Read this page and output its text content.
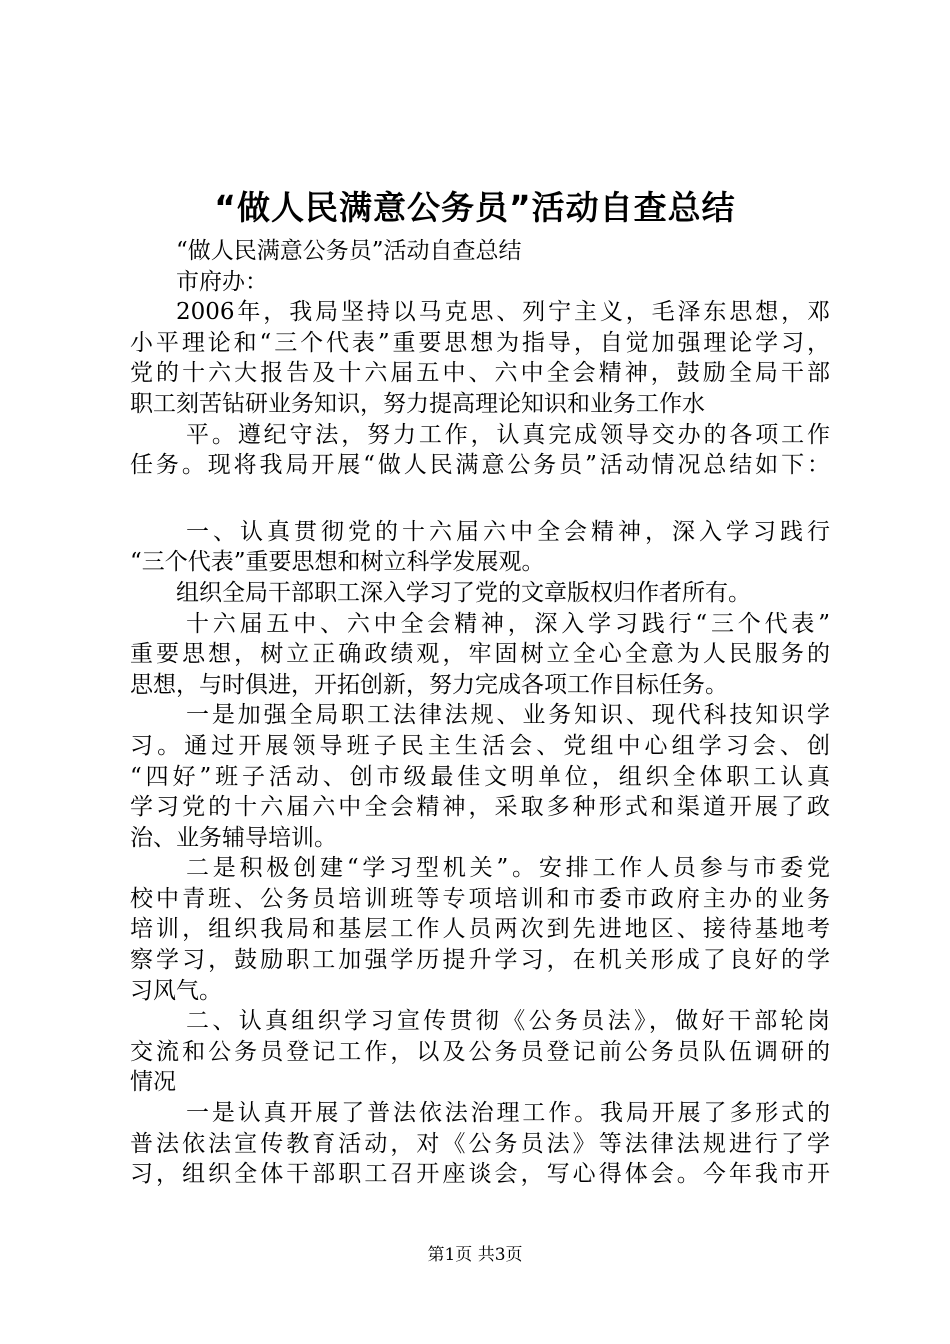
“做人民满意公务员”活动自查总结
“做人民满意公务员”活动自查总结
市府办：
2006年，我局坚持以马克思、列宁主义，毛泽东思想，邓
小平理论和“三个代表”重要思想为指导，自觉加强理论学习，
党的十六大报告及十六届五中、六中全会精神，鼓励全局干部
职工刻苦钻研业务知识，努力提高理论知识和业务工作水
平。遵纪守法，努力工作，认真完成领导交办的各项工作
任务。现将我局开展“做人民满意公务员”活动情况总结如下：
一、认真贯彻党的十六届六中全会精神，深入学习践行
“三个代表”重要思想和树立科学发展观。
组织全局干部职工深入学习了党的文章版权归作者所有。
十六届五中、六中全会精神，深入学习践行“三个代表”
重要思想，树立正确政绩观，牢固树立全心全意为人民服务的
思想，与时俱进，开拓创新，努力完成各项工作目标任务。
一是加强全局职工法律法规、业务知识、现代科技知识学
习。通过开展领导班子民主生活会、党组中心组学习会、创
“四好”班子活动、创市级最佳文明单位，组织全体职工认真
学习党的十六届六中全会精神，采取多种形式和渠道开展了政
治、业务辅导培训。
二是积极创建“学习型机关”。安排工作人员参与市委党
校中青班、公务员培训班等专项培训和市委市政府主办的业务
培训，组织我局和基层工作人员两次到先进地区、接待基地考
察学习，鼓励职工加强学历提升学习，在机关形成了良好的学
习风气。
二、认真组织学习宣传贯彻《公务员法》，做好干部轮岗
交流和公务员登记工作，以及公务员登记前公务员队伍调研的
情况
一是认真开展了普法依法治理工作。我局开展了多形式的
普法依法宣传教育活动，对《公务员法》等法律法规进行了学
习，组织全体干部职工召开座谈会，写心得体会。今年我市开
第1页 共3页
